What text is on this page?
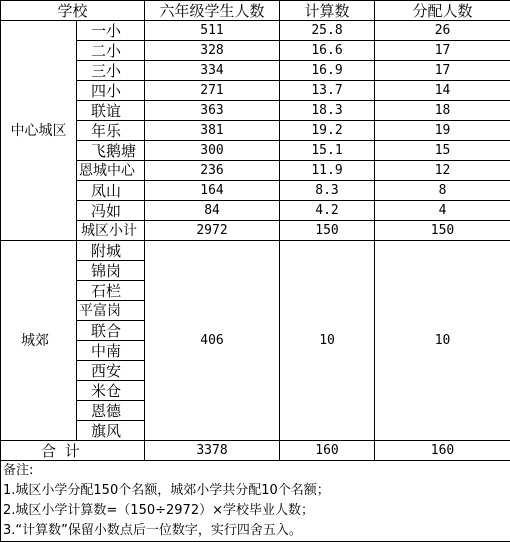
学校		六年级学生人数	计算数	分配人数
中心城区	一小	511	25.8	26
	二小	328	16.6	17
	三小	334	16.9	17
	四小	271	13.7	14
	联谊	363	18.3	18
	年乐	381	19.2	19
	飞鹅塘	300	15.1	15
	恩城中心	236	11.9	12
	凤山	164	8.3	8
	冯如	84	4.2	4
	城区小计	2972	150	150
城郊	附城	406	10	10
	锦岗			
	石栏			
	平富岗			
	联合			
	中南			
	西安			
	米仓			
	恩德			
	旗风			
合 计		3378	160	160

备注:
1.城区小学分配150个名额，城郊小学共分配10个名额；
2.城区小学计算数=（150÷2972）×学校毕业人数；
3.“计算数”保留小数点后一位数字，实行四舍五入。				
